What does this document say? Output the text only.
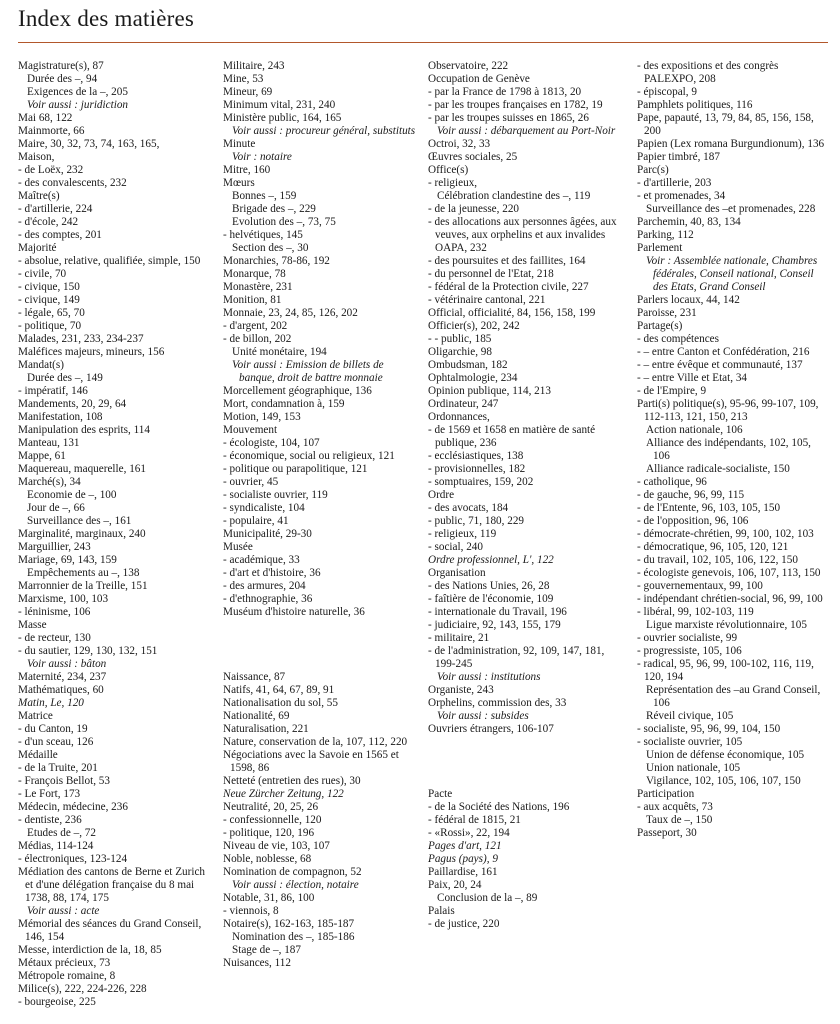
Index des matières
Magistrature(s), 87
Durée des –, 94
Exigences de la –, 205
Voir aussi : juridiction
Mai 68, 122
Mainmorte, 66
Maire, 30, 32, 73, 74, 163, 165,
Maison,
- de Loëx, 232
- des convalescents, 232
Maître(s)
- d'artillerie, 224
- d'école, 242
- des comptes, 201
Majorité
- absolue, relative, qualifiée, simple, 150
- civile, 70
- civique, 150
- civique, 149
- légale, 65, 70
- politique, 70
Malades, 231, 233, 234-237
Maléfices majeurs, mineurs, 156
Mandat(s)
Durée des –, 149
- impératif, 146
Mandements, 20, 29, 64
Manifestation, 108
Manipulation des esprits, 114
Manteau, 131
Mappe, 61
Maquereau, maquerelle, 161
Marché(s), 34
Economie de –, 100
Jour de –, 66
Surveillance des –, 161
Marginalité, marginaux, 240
Marguillier, 243
Mariage, 69, 143, 159
Empêchements au –, 138
Marronnier de la Treille, 151
Marxisme, 100, 103
- léninisme, 106
Masse
- de recteur, 130
- du sautier, 129, 130, 132, 151
Voir aussi : bâton
Maternité, 234, 237
Mathématiques, 60
Matin, Le, 120
Matrice
- du Canton, 19
- d'un sceau, 126
Médaille
- de la Truite, 201
- François Bellot, 53
- Le Fort, 173
Médecin, médecine, 236
- dentiste, 236
Etudes de –, 72
Médias, 114-124
- électroniques, 123-124
Médiation des cantons de Berne et Zurich et d'une délégation française du 8 mai 1738, 88, 174, 175
Voir aussi : acte
Mémorial des séances du Grand Conseil, 146, 154
Messe, interdiction de la, 18, 85
Métaux précieux, 73
Métropole romaine, 8
Milice(s), 222, 224-226, 228
- bourgeoise, 225
Militaire, 243
Mine, 53
Mineur, 69
Minimum vital, 231, 240
Ministère public, 164, 165
Voir aussi : procureur général, substituts
Minute
Voir : notaire
Mitre, 160
Mœurs
Bonnes –, 159
Brigade des –, 229
Evolution des –, 73, 75
- helvétiques, 145
Section des –, 30
Monarchies, 78-86, 192
Monarque, 78
Monastère, 231
Monition, 81
Monnaie, 23, 24, 85, 126, 202
- d'argent, 202
- de billon, 202
Unité monétaire, 194
Voir aussi : Emission de billets de banque, droit de battre monnaie
Morcellement géographique, 136
Mort, condamnation à, 159
Motion, 149, 153
Mouvement
- écologiste, 104, 107
- économique, social ou religieux, 121
- politique ou parapolitique, 121
- ouvrier, 45
- socialiste ouvrier, 119
- syndicaliste, 104
- populaire, 41
Municipalité, 29-30
Musée
- académique, 33
- d'art et d'histoire, 36
- des armures, 204
- d'ethnographie, 36
Muséum d'histoire naturelle, 36
Naissance, 87
Natifs, 41, 64, 67, 89, 91
Nationalisation du sol, 55
Nationalité, 69
Naturalisation, 221
Nature, conservation de la, 107, 112, 220
Négociations avec la Savoie en 1565 et 1598, 86
Netteté (entretien des rues), 30
Neue Zürcher Zeitung, 122
Neutralité, 20, 25, 26
- confessionnelle, 120
- politique, 120, 196
Niveau de vie, 103, 107
Noble, noblesse, 68
Nomination de compagnon, 52
Voir aussi : élection, notaire
Notable, 31, 86, 100
- viennois, 8
Notaire(s), 162-163, 185-187
Nomination des –, 185-186
Stage de –, 187
Nuisances, 112
Observatoire, 222
Occupation de Genève
- par la France de 1798 à 1813, 20
- par les troupes françaises en 1782, 19
- par les troupes suisses en 1865, 26
Voir aussi : débarquement au Port-Noir
Octroi, 32, 33
Œuvres sociales, 25
Office(s)
- religieux,
Célébration clandestine des –, 119
- de la jeunesse, 220
- des allocations aux personnes âgées, aux veuves, aux orphelins et aux invalides OAPA, 232
- des poursuites et des faillites, 164
- du personnel de l'Etat, 218
- fédéral de la Protection civile, 227
- vétérinaire cantonal, 221
Official, officialité, 84, 156, 158, 199
Officier(s), 202, 242
- - public, 185
Oligarchie, 98
Ombudsman, 182
Ophtalmologie, 234
Opinion publique, 114, 213
Ordinateur, 247
Ordonnances,
- de 1569 et 1658 en matière de santé publique, 236
- ecclésiastiques, 138
- provisionnelles, 182
- somptuaires, 159, 202
Ordre
- des avocats, 184
- public, 71, 180, 229
- religieux, 119
- social, 240
Ordre professionnel, L', 122
Organisation
- des Nations Unies, 26, 28
- faîtière de l'économie, 109
- internationale du Travail, 196
- judiciaire, 92, 143, 155, 179
- militaire, 21
- de l'administration, 92, 109, 147, 181, 199-245
Voir aussi : institutions
Organiste, 243
Orphelins, commission des, 33
Voir aussi : subsides
Ouvriers étrangers, 106-107
Pacte
- de la Société des Nations, 196
- fédéral de 1815, 21
- «Rossi», 22, 194
Pages d'art, 121
Pagus (pays), 9
Paillardise, 161
Paix, 20, 24
Conclusion de la –, 89
Palais
- de justice, 220
- des expositions et des congrès PALEXPO, 208
- épiscopal, 9
Pamphlets politiques, 116
Pape, papauté, 13, 79, 84, 85, 156, 158, 200
Papien (Lex romana Burgundionum), 136
Papier timbré, 187
Parc(s)
- d'artillerie, 203
- et promenades, 34
Surveillance des –et promenades, 228
Parchemin, 40, 83, 134
Parking, 112
Parlement
Voir : Assemblée nationale, Chambres fédérales, Conseil national, Conseil des Etats, Grand Conseil
Parlers locaux, 44, 142
Paroisse, 231
Partage(s)
- des compétences
- – entre Canton et Confédération, 216
- – entre évêque et communauté, 137
- – entre Ville et Etat, 34
- de l'Empire, 9
Parti(s) politique(s), 95-96, 99-107, 109, 112-113, 121, 150, 213
Action nationale, 106
Alliance des indépendants, 102, 105, 106
Alliance radicale-socialiste, 150
- catholique, 96
- de gauche, 96, 99, 115
- de l'Entente, 96, 103, 105, 150
- de l'opposition, 96, 106
- démocrate-chrétien, 99, 100, 102, 103
- démocratique, 96, 105, 120, 121
- du travail, 102, 105, 106, 122, 150
- écologiste genevois, 106, 107, 113, 150
- gouvernementaux, 99, 100
- indépendant chrétien-social, 96, 99, 100
- libéral, 99, 102-103, 119
Ligue marxiste révolutionnaire, 105
- ouvrier socialiste, 99
- progressiste, 105, 106
- radical, 95, 96, 99, 100-102, 116, 119, 120, 194
Représentation des –au Grand Conseil, 106
Réveil civique, 105
- socialiste, 95, 96, 99, 104, 150
- socialiste ouvrier, 105
Union de défense économique, 105
Union nationale, 105
Vigilance, 102, 105, 106, 107, 150
Participation
- aux acquêts, 73
Taux de –, 150
Passeport, 30
